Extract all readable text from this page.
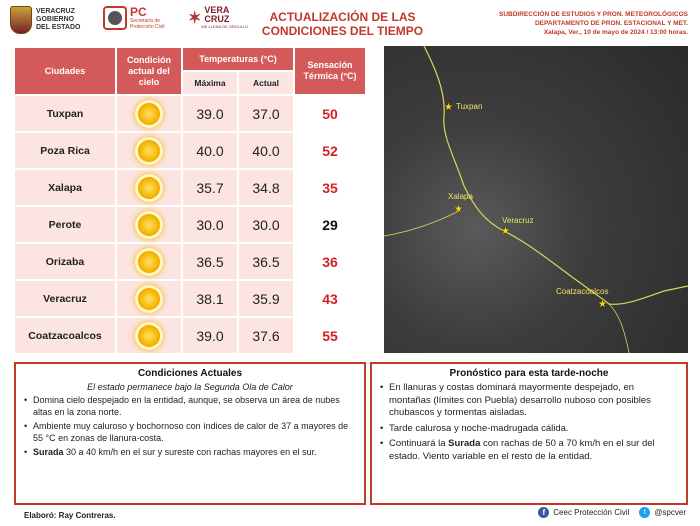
VERACRUZ
GOBIERNO
DEL ESTADO
PC
Secretaría de
Protección Civil
✶ VERA
CRUZ
ME LLENA DE ORGULLO
ACTUALIZACIÓN DE LAS
CONDICIONES DEL TIEMPO
SUBDIRECCIÓN DE ESTUDIOS Y PRON. METEOROLÓGICOS
DEPARTAMENTO DE PRON. ESTACIONAL Y MET.
Xalapa, Ver., 10 de mayo de 2024 / 13:00 horas.
Ciudades
Condición actual del cielo
Temperaturas (°C)
Máxima	Actual
Sensación Térmica (°C)
Tuxpan	39.0	37.0	50
Poza Rica	40.0	40.0	52
Xalapa	35.7	34.8	35
Perote	30.0	30.0	29
Orizaba	36.5	36.5	36
Veracruz	38.1	35.9	43
Coatzacoalcos	39.0	37.6	55
★ Tuxpan
Xalapa
★
Veracruz
★
Coatzacoalcos
★
Condiciones Actuales
El estado permanece bajo la Segunda Ola de Calor
• Domina cielo despejado en la entidad, aunque, se observa un área de nubes altas en la zona norte.
• Ambiente muy caluroso y bochornoso con índices de calor de 37 a mayores de 55 °C en zonas de llanura-costa.
• Surada 30 a 40 km/h en el sur y sureste con rachas mayores en el sur.
Pronóstico para esta tarde-noche
• En llanuras y costas dominará mayormente despejado, en montañas (límites con Puebla) desarrollo nuboso con posibles chubascos y tormentas aisladas.
• Tarde calurosa y noche-madrugada cálida.
• Continuará la Surada con rachas de 50 a 70 km/h en el sur del estado. Viento variable en el resto de la entidad.
Elaboró: Ray Contreras.	f	Ceec Protección Civil	t	@spcver
